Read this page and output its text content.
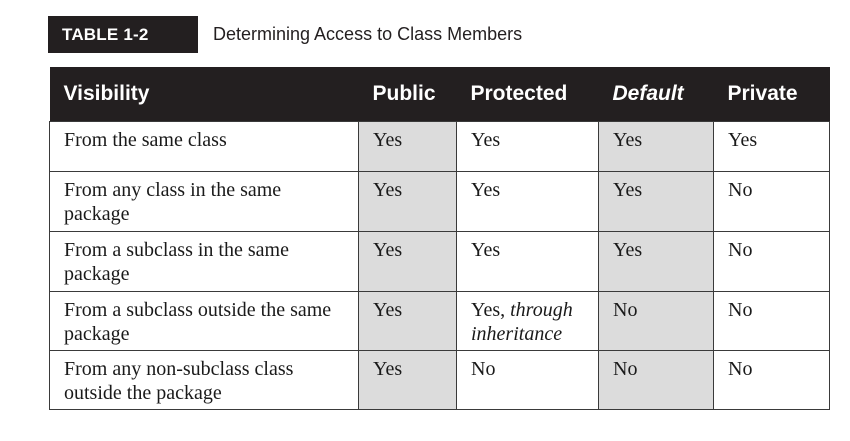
TABLE 1-2	Determining Access to Class Members
Visibility	Public	Protected	Default	Private
From the same class	Yes	Yes	Yes	Yes
From any class in the same package	Yes	Yes	Yes	No
From a subclass in the same package	Yes	Yes	Yes	No
From a subclass outside the same package	Yes	Yes, through inheritance	No	No
From any non-subclass class outside the package	Yes	No	No	No
